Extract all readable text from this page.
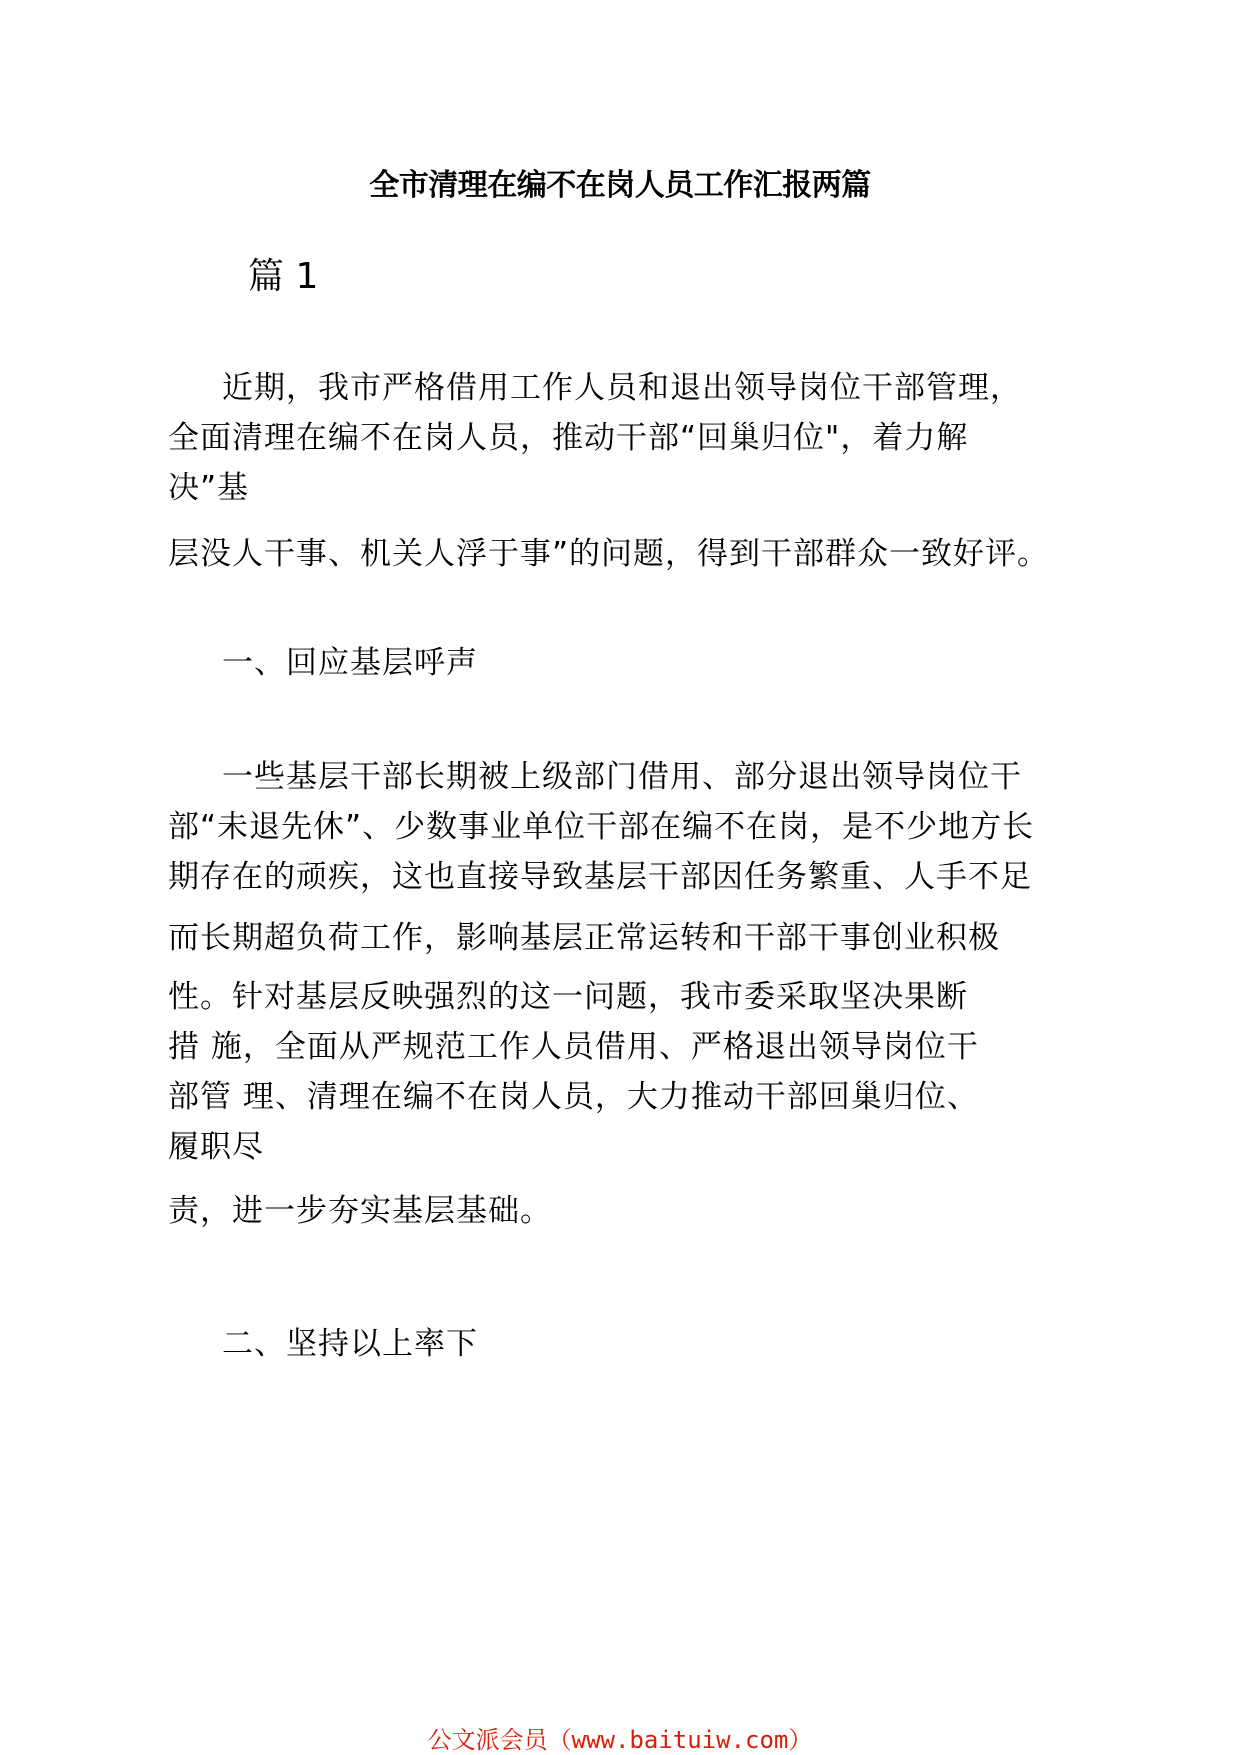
全市清理在编不在岗人员工作汇报两篇
篇 1
近期，我市严格借用工作人员和退出领导岗位干部管理，
全面清理在编不在岗人员，推动干部“回巢归位"，着力解
决”基
层没人干事、机关人浮于事”的问题，得到干部群众一致好评。
一、回应基层呼声
一些基层干部长期被上级部门借用、部分退出领导岗位干
部“未退先休”、少数事业单位干部在编不在岗，是不少地方长
期存在的顽疾，这也直接导致基层干部因任务繁重、人手不足
而长期超负荷工作，影响基层正常运转和干部干事创业积极
性。针对基层反映强烈的这一问题，我市委采取坚决果断
措 施，全面从严规范工作人员借用、严格退出领导岗位干
部管 理、清理在编不在岗人员，大力推动干部回巢归位、
履职尽
责，进一步夯实基层基础。
二、坚持以上率下
公文派会员（www.baituiw.com）
